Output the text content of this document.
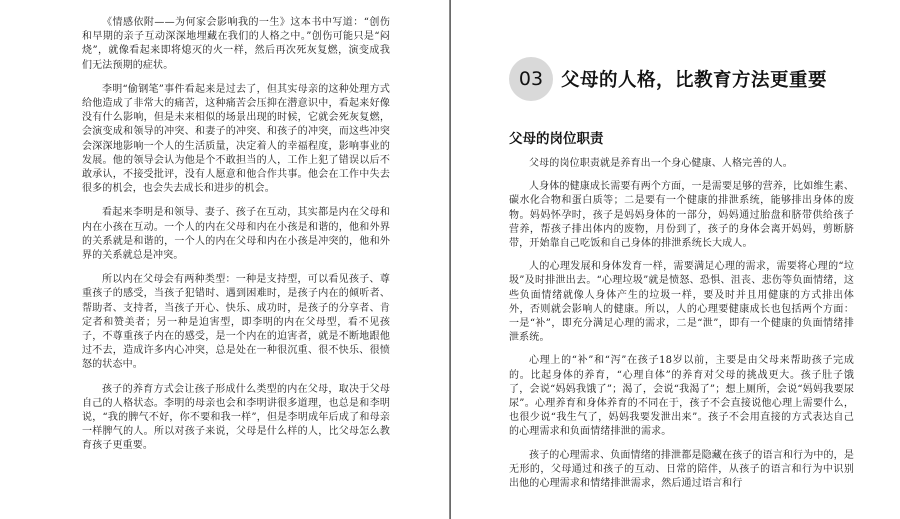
《情感依附——为何家会影响我的一生》这本书中写道：“创伤和早期的亲子互动深深地埋藏在我们的人格之中。”创伤可能只是“闷烧”，就像看起来即将熄灭的火一样，然后再次死灰复燃，演变成我们无法预期的症状。

李明“偷钢笔”事件看起来是过去了，但其实母亲的这种处理方式给他造成了非常大的痛苦，这种痛苦会压抑在潜意识中，看起来好像没有什么影响，但是未来相似的场景出现的时候，它就会死灰复燃，会演变成和领导的冲突、和妻子的冲突、和孩子的冲突，而这些冲突会深深地影响一个人的生活质量，决定着人的幸福程度，影响事业的发展。他的领导会认为他是个不敢担当的人，工作上犯了错误以后不敢承认，不接受批评，没有人愿意和他合作共事。他会在工作中失去很多的机会，也会失去成长和进步的机会。

看起来李明是和领导、妻子、孩子在互动，其实都是内在父母和内在小孩在互动。一个人的内在父母和内在小孩是和谐的，他和外界的关系就是和谐的，一个人的内在父母和内在小孩是冲突的，他和外界的关系就总是冲突。

所以内在父母会有两种类型：一种是支持型，可以看见孩子、尊重孩子的感受，当孩子犯错时、遇到困难时，是孩子内在的倾听者、帮助者、支持者，当孩子开心、快乐、成功时，是孩子的分享者、肯定者和赞美者；另一种是迫害型，即李明的内在父母型，看不见孩子，不尊重孩子内在的感受，是一个内在的迫害者，就是不断地跟他过不去，造成许多内心冲突，总是处在一种很沉重、很不快乐、很愤怒的状态中。

孩子的养育方式会让孩子形成什么类型的内在父母，取决于父母自己的人格状态。李明的母亲也会和李明讲很多道理，也总是和李明说，“我的脾气不好，你不要和我一样”，但是李明成年后成了和母亲一样脾气的人。所以对孩子来说，父母是什么样的人，比父母怎么教育孩子更重要。

03 父母的人格，比教育方法更重要
父母的岗位职责

父母的岗位职责就是养育出一个身心健康、人格完善的人。

人身体的健康成长需要有两个方面，一是需要足够的营养，比如维生素、碳水化合物和蛋白质等；二是要有一个健康的排泄系统，能够排出身体的废物。妈妈怀孕时，孩子是妈妈身体的一部分，妈妈通过胎盘和脐带供给孩子营养，帮孩子排出体内的废物，月份到了，孩子的身体会离开妈妈，剪断脐带，开始靠自己吃饭和自己身体的排泄系统长大成人。

人的心理发展和身体发育一样，需要满足心理的需求，需要将心理的“垃圾”及时排泄出去。“心理垃圾”就是愤怒、恐惧、沮丧、悲伤等负面情绪，这些负面情绪就像人身体产生的垃圾一样，要及时并且用健康的方式排出体外，否则就会影响人的健康。所以，人的心理要健康成长也包括两个方面：一是“补”，即充分满足心理的需求，二是“泄”，即有一个健康的负面情绪排泄系统。

心理上的“补”和“泻”在孩子18岁以前，主要是由父母来帮助孩子完成的。比起身体的养育，“心理自体”的养育对父母的挑战更大。孩子肚子饿了，会说“妈妈我饿了”；渴了，会说“我渴了”；想上厕所，会说“妈妈我要尿尿”。心理养育和身体养育的不同在于，孩子不会直接说他心理上需要什么，也很少说“我生气了，妈妈我要发泄出来”。孩子不会用直接的方式表达自己的心理需求和负面情绪排泄的需求。

孩子的心理需求、负面情绪的排泄都是隐藏在孩子的语言和行为中的，是无形的，父母通过和孩子的互动、日常的陪伴，从孩子的语言和行为中识别出他的心理需求和情绪排泄需求，然后通过语言和行
